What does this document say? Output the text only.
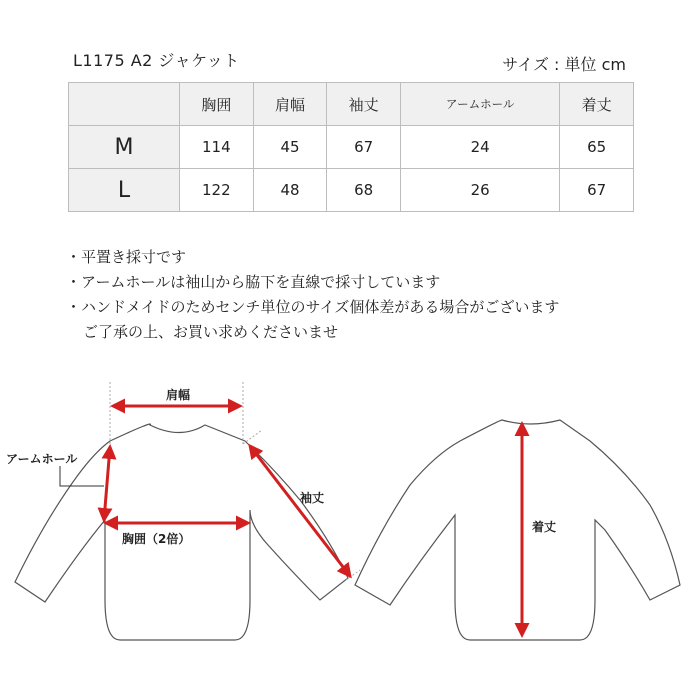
L1175 A2 ジャケット	サイズ : 単位 cm
	胸囲	肩幅	袖丈	アームホール	着丈
M	114	45	67	24	65
L	122	48	68	26	67
・平置き採寸です
・アームホールは袖山から脇下を直線で採寸しています
・ハンドメイドのためセンチ単位のサイズ個体差がある場合がございます
ご了承の上、お買い求めくださいませ
肩幅
アームホール
袖丈
胸囲（2倍）
着丈
